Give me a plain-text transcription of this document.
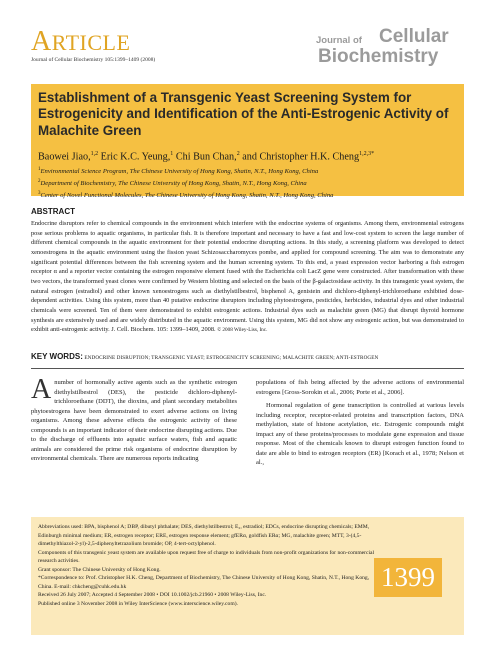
ARTICLE
Journal of Cellular Biochemistry 105:1399–1409 (2008)
Journal of Cellular
Biochemistry
Establishment of a Transgenic Yeast Screening System for Estrogenicity and Identification of the Anti-Estrogenic Activity of Malachite Green
Baowei Jiao,$^{1,2}$ Eric K.C. Yeung,$^1$ Chi Bun Chan,$^2$ and Christopher H.K. Cheng$^{1,2,3*}$
$^1$Environmental Science Program, The Chinese University of Hong Kong, Shatin, N.T., Hong Kong, China
$^2$Department of Biochemistry, The Chinese University of Hong Kong, Shatin, N.T., Hong Kong, China
$^3$Center of Novel Functional Molecules, The Chinese University of Hong Kong, Shatin, N.T., Hong Kong, China
ABSTRACT
Endocrine disruptors refer to chemical compounds in the environment which interfere with the endocrine systems of organisms. Among them, environmental estrogens pose serious problems to aquatic organisms, in particular fish. It is therefore important and necessary to have a fast and low-cost system to screen the large number of different chemical compounds in the aquatic environment for their potential endocrine disrupting actions. In this study, a screening platform was developed to detect xenoestrogens in the aquatic environment using the fission yeast Schizosaccharomyces pombe, and applied for compound screening. The aim was to demonstrate any significant potential differences between the fish screening system and the human screening system. To this end, a yeast expression vector harboring a fish estrogen receptor α and a reporter vector containing the estrogen responsive element fused with the Escherichia coli LacZ gene were constructed. After transformation with these two vectors, the transformed yeast clones were confirmed by Western blotting and selected on the basis of the β-galactosidase activity. In this transgenic yeast system, the natural estrogen (estradiol) and other known xenoestrogens such as diethylstilbestrol, bisphenol A, genistein and dichloro-diphenyl-trichloroethane exhibited dose-dependent activities. Using this system, more than 40 putative endocrine disruptors including phytoestrogens, pesticides, herbicides, industrial dyes and other industrial chemicals were screened. Ten of them were demonstrated to exhibit estrogenic actions. Industrial dyes such as malachite green (MG) that disrupt thyroid hormone synthesis are extensively used and are widely distributed in the aquatic environment. Using this system, MG did not show any estrogenic action, but was demonstrated to exhibit anti-estrogenic activity. J. Cell. Biochem. 105: 1399–1409, 2008. © 2008 Wiley-Liss, Inc.
KEY WORDS: ENDOCRINE DISRUPTION; TRANSGENIC YEAST; ESTROGENICITY SCREENING; MALACHITE GREEN; ANTI-ESTROGEN
A number of hormonally active agents such as the synthetic estrogen diethylstilbestrol (DES), the pesticide dichloro-diphenyl-trichloroethane (DDT), the dioxins, and plant secondary metabolites phytoestrogens have been demonstrated to exert adverse actions on living organisms. Among these adverse effects the estrogenic activity of these compounds is an important indicator of their endocrine disrupting actions. Due to the discharge of effluents into aquatic surface waters, fish and aquatic animals are considered the prime risk organisms of endocrine disruption by environmental chemicals. There are numerous reports indicating

populations of fish being affected by the adverse actions of environmental estrogens [Gross-Sorokin et al., 2006; Porte et al., 2006].

Hormonal regulation of gene transcription is controlled at various levels including receptor, receptor-related proteins and transcription factors, DNA methylation, state of histone acetylation, etc. Estrogenic compounds might impact any of these proteins/processes to modulate gene expression and tissue response. Most of the chemicals known to disrupt estrogen function found to date are able to bind to estrogen receptors (ER) [Korach et al., 1978; Nelson et al.,

Abbreviations used: BPA, bisphenol A; DBP, dibutyl phthalate; DES, diethylstilbestrol; E₂, estradiol; EDCs, endocrine disrupting chemicals; EMM, Edinburgh minimal medium; ER, estrogen receptor; ERE, estrogen response element; gfERα, goldfish ERα; MG, malachite green; MTT, 3-(4,5-dimethylthiazol-2-yl)-2,5-diphenyltetrazolium bromide; OP, 4-tert-octylphenol.

Components of this transgenic yeast system are available upon request free of charge to individuals from non-profit organizations for non-commercial research activities.

Grant sponsor: The Chinese University of Hong Kong.

*Correspondence to: Prof. Christopher H.K. Cheng, Department of Biochemistry, The Chinese University of Hong Kong, Shatin, N.T., Hong Kong, China. E-mail: chkcheng@cuhk.edu.hk

Received 26 July 2007; Accepted 4 September 2008 • DOI 10.1002/jcb.21960 • 2008 Wiley-Liss, Inc.

Published online 3 November 2008 in Wiley InterScience (www.interscience.wiley.com).

1399
